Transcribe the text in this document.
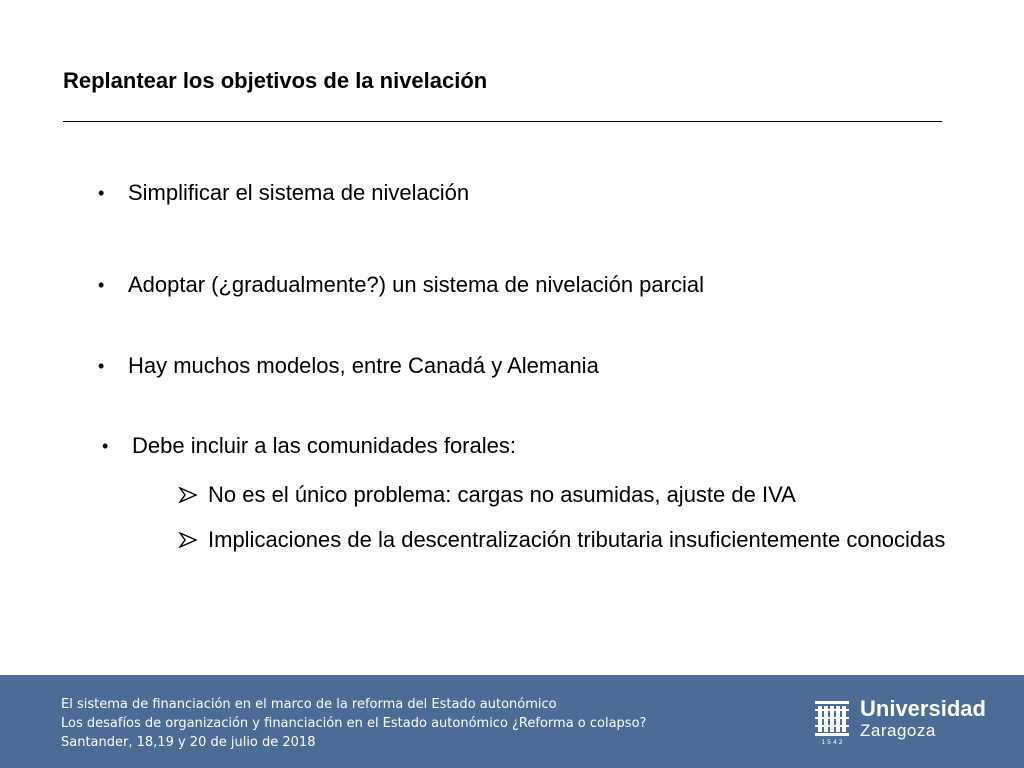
Replantear los objetivos de la nivelación
• Simplificar el sistema de nivelación
• Adoptar (¿gradualmente?) un sistema de nivelación parcial
• Hay muchos modelos, entre Canadá y Alemania
• Debe incluir a las comunidades forales:
No es el único problema: cargas no asumidas, ajuste de IVA
Implicaciones de la descentralización tributaria insuficientemente conocidas
El sistema de financiación en el marco de la reforma del Estado autonómico
Los desafíos de organización y financiación en el Estado autonómico ¿Reforma o colapso?
Santander, 18,19 y 20 de julio de 2018
Universidad
Zaragoza
1542
